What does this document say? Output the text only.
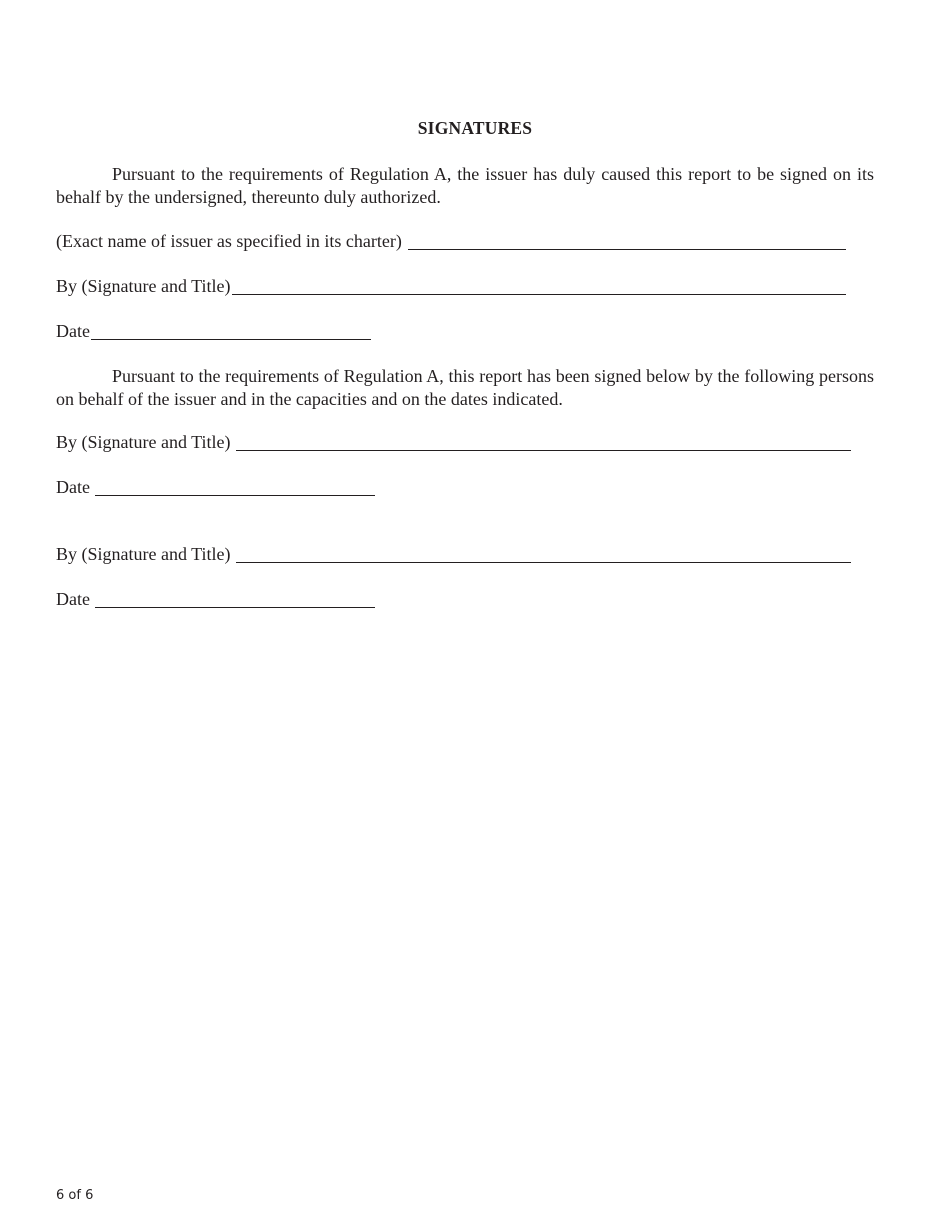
SIGNATURES
Pursuant to the requirements of Regulation A, the issuer has duly caused this report to be signed on its behalf by the undersigned, thereunto duly authorized.
(Exact name of issuer as specified in its charter)
By (Signature and Title)
Date
Pursuant to the requirements of Regulation A, this report has been signed below by the following persons on behalf of the issuer and in the capacities and on the dates indicated.
By (Signature and Title)
Date
By (Signature and Title)
Date
6 of 6
